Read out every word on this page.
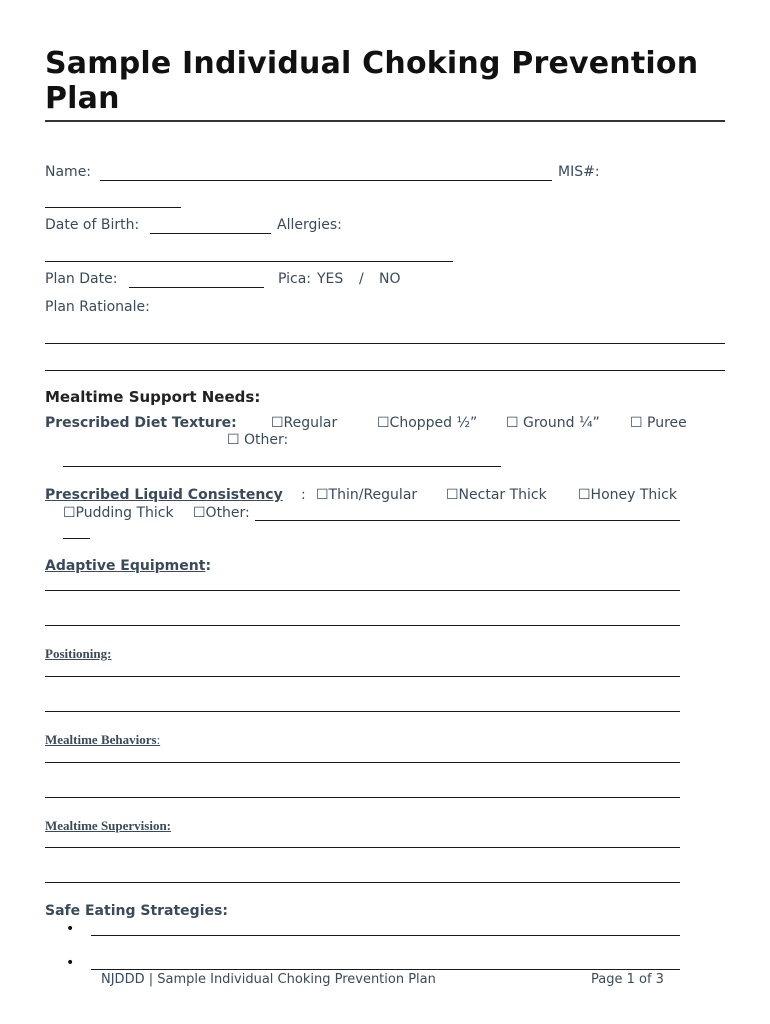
Sample Individual Choking Prevention Plan
Name:	MIS#:
Date of Birth:	Allergies:
Plan Date:	Pica: YES / NO
Plan Rationale:
Mealtime Support Needs:
Prescribed Diet Texture: ☐Regular	☐Chopped ½” ☐ Ground ¼” ☐ Puree
☐ Other:
Prescribed Liquid Consistency : ☐Thin/Regular ☐Nectar Thick ☐Honey Thick
☐Pudding Thick ☐Other:
Adaptive Equipment:
Positioning:
Mealtime Behaviors:
Mealtime Supervision:
Safe Eating Strategies:
•
•
NJDDD | Sample Individual Choking Prevention Plan	Page 1 of 3
